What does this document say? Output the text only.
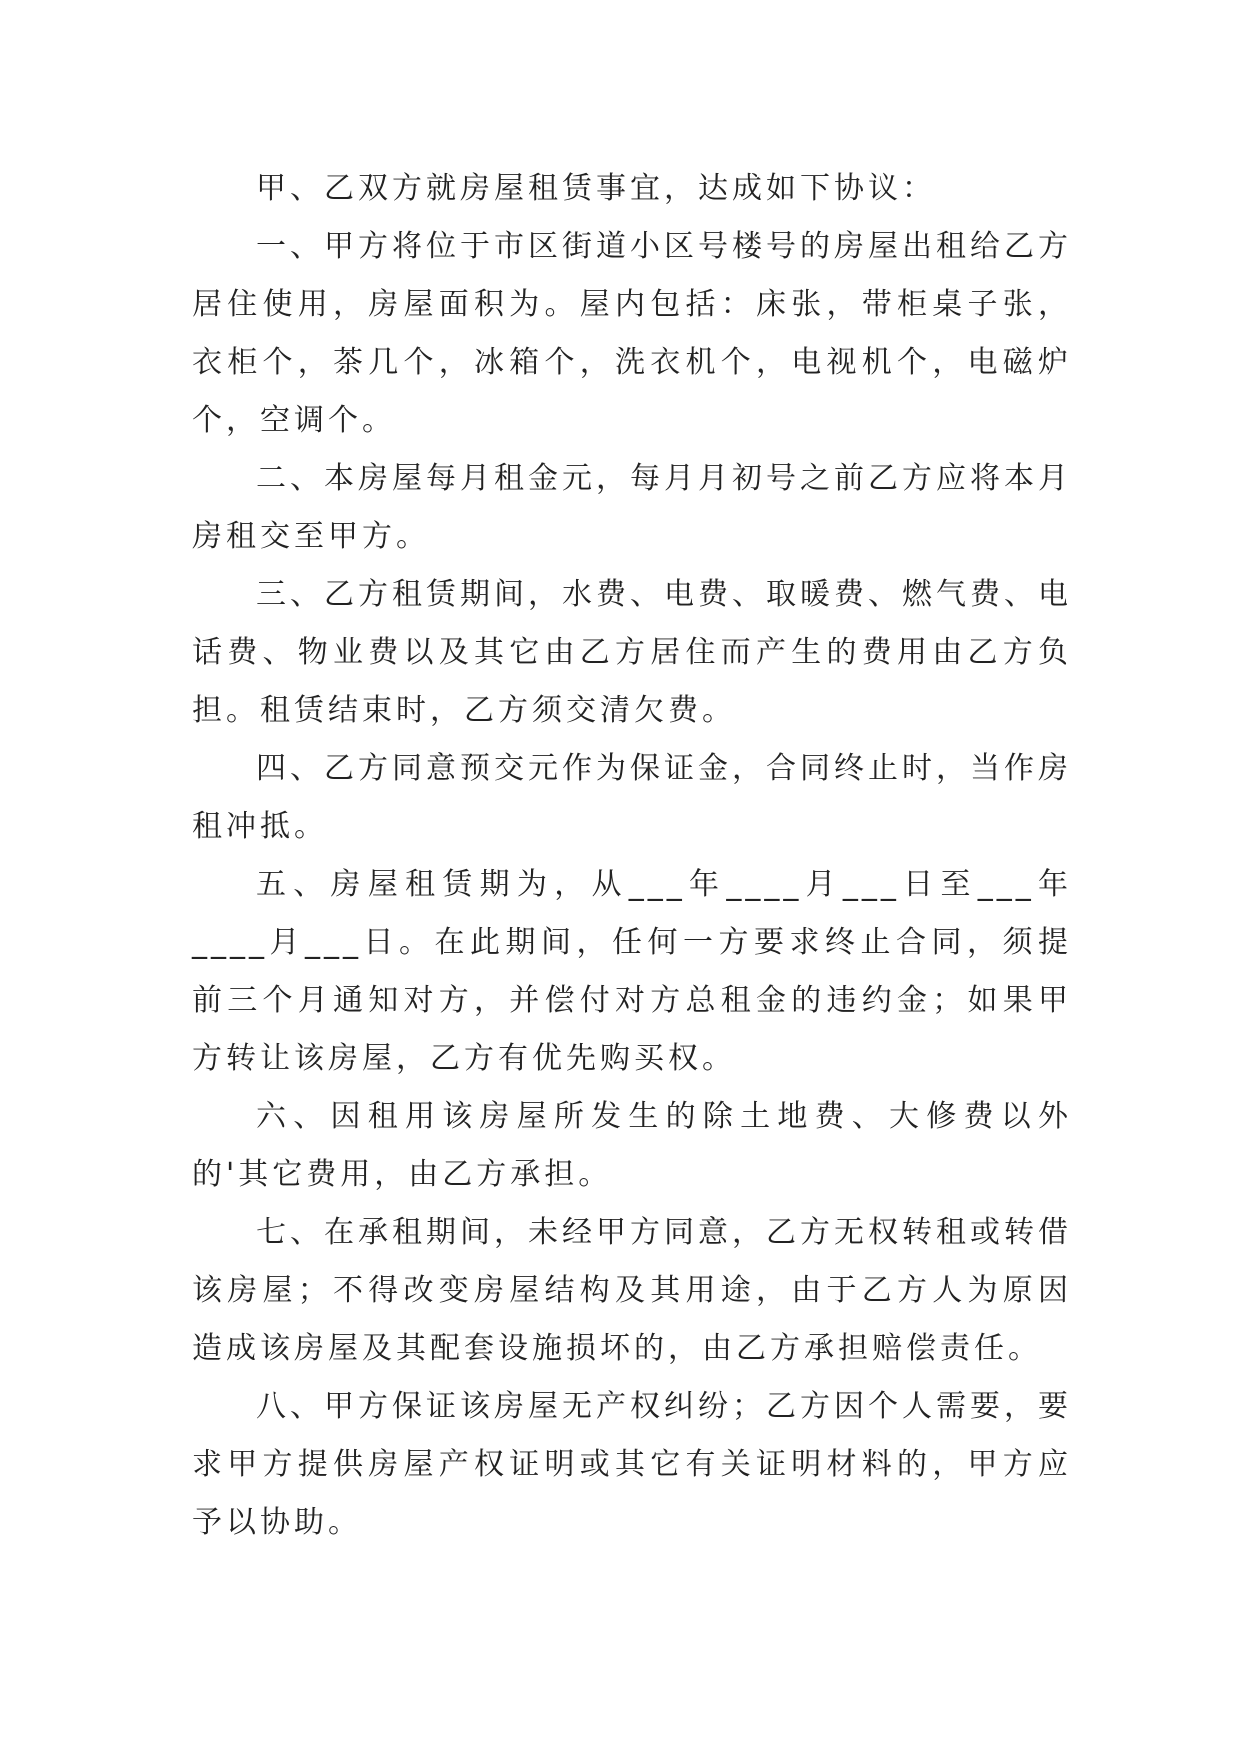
甲、乙双方就房屋租赁事宜，达成如下协议：

一、甲方将位于市区街道小区号楼号的房屋出租给乙方居住使用，房屋面积为。屋内包括：床张，带柜桌子张，衣柜个，茶几个，冰箱个，洗衣机个，电视机个，电磁炉个，空调个。

二、本房屋每月租金元，每月月初号之前乙方应将本月房租交至甲方。

三、乙方租赁期间，水费、电费、取暖费、燃气费、电话费、物业费以及其它由乙方居住而产生的费用由乙方负担。租赁结束时，乙方须交清欠费。

四、乙方同意预交元作为保证金，合同终止时，当作房租冲抵。

五、房屋租赁期为，从___年____月___日至___年____月___日。在此期间，任何一方要求终止合同，须提前三个月通知对方，并偿付对方总租金的违约金；如果甲方转让该房屋，乙方有优先购买权。

六、因租用该房屋所发生的除土地费、大修费以外的'其它费用，由乙方承担。

七、在承租期间，未经甲方同意，乙方无权转租或转借该房屋；不得改变房屋结构及其用途，由于乙方人为原因造成该房屋及其配套设施损坏的，由乙方承担赔偿责任。

八、甲方保证该房屋无产权纠纷；乙方因个人需要，要求甲方提供房屋产权证明或其它有关证明材料的，甲方应予以协助。
